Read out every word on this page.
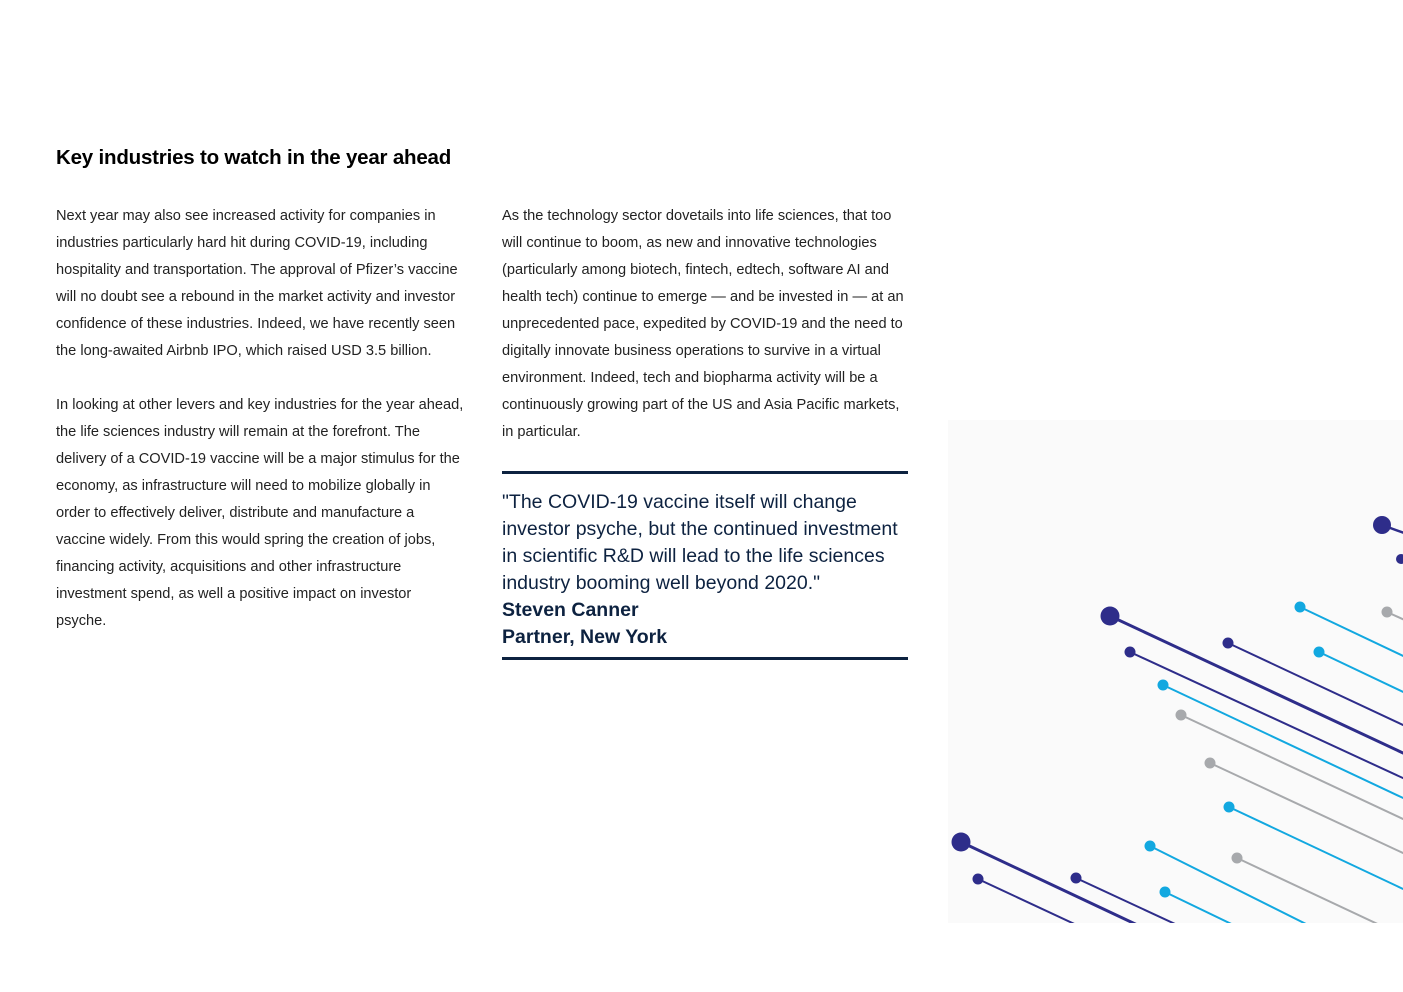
Key industries to watch in the year ahead

Next year may also see increased activity for companies in industries particularly hard hit during COVID-19, including hospitality and transportation. The approval of Pfizer’s vaccine will no doubt see a rebound in the market activity and investor confidence of these industries. Indeed, we have recently seen the long-awaited Airbnb IPO, which raised USD 3.5 billion.

In looking at other levers and key industries for the year ahead, the life sciences industry will remain at the forefront. The delivery of a COVID-19 vaccine will be a major stimulus for the economy, as infrastructure will need to mobilize globally in order to effectively deliver, distribute and manufacture a vaccine widely. From this would spring the creation of jobs, financing activity, acquisitions and other infrastructure investment spend, as well a positive impact on investor psyche.

As the technology sector dovetails into life sciences, that too will continue to boom, as new and innovative technologies (particularly among biotech, fintech, edtech, software AI and health tech) continue to emerge — and be invested in — at an unprecedented pace, expedited by COVID-19 and the need to digitally innovate business operations to survive in a virtual environment. Indeed, tech and biopharma activity will be a continuously growing part of the US and Asia Pacific markets, in particular.

"The COVID-19 vaccine itself will change investor psyche, but the continued investment in scientific R&D will lead to the life sciences industry booming well beyond 2020."

Steven Canner

Partner, New York
